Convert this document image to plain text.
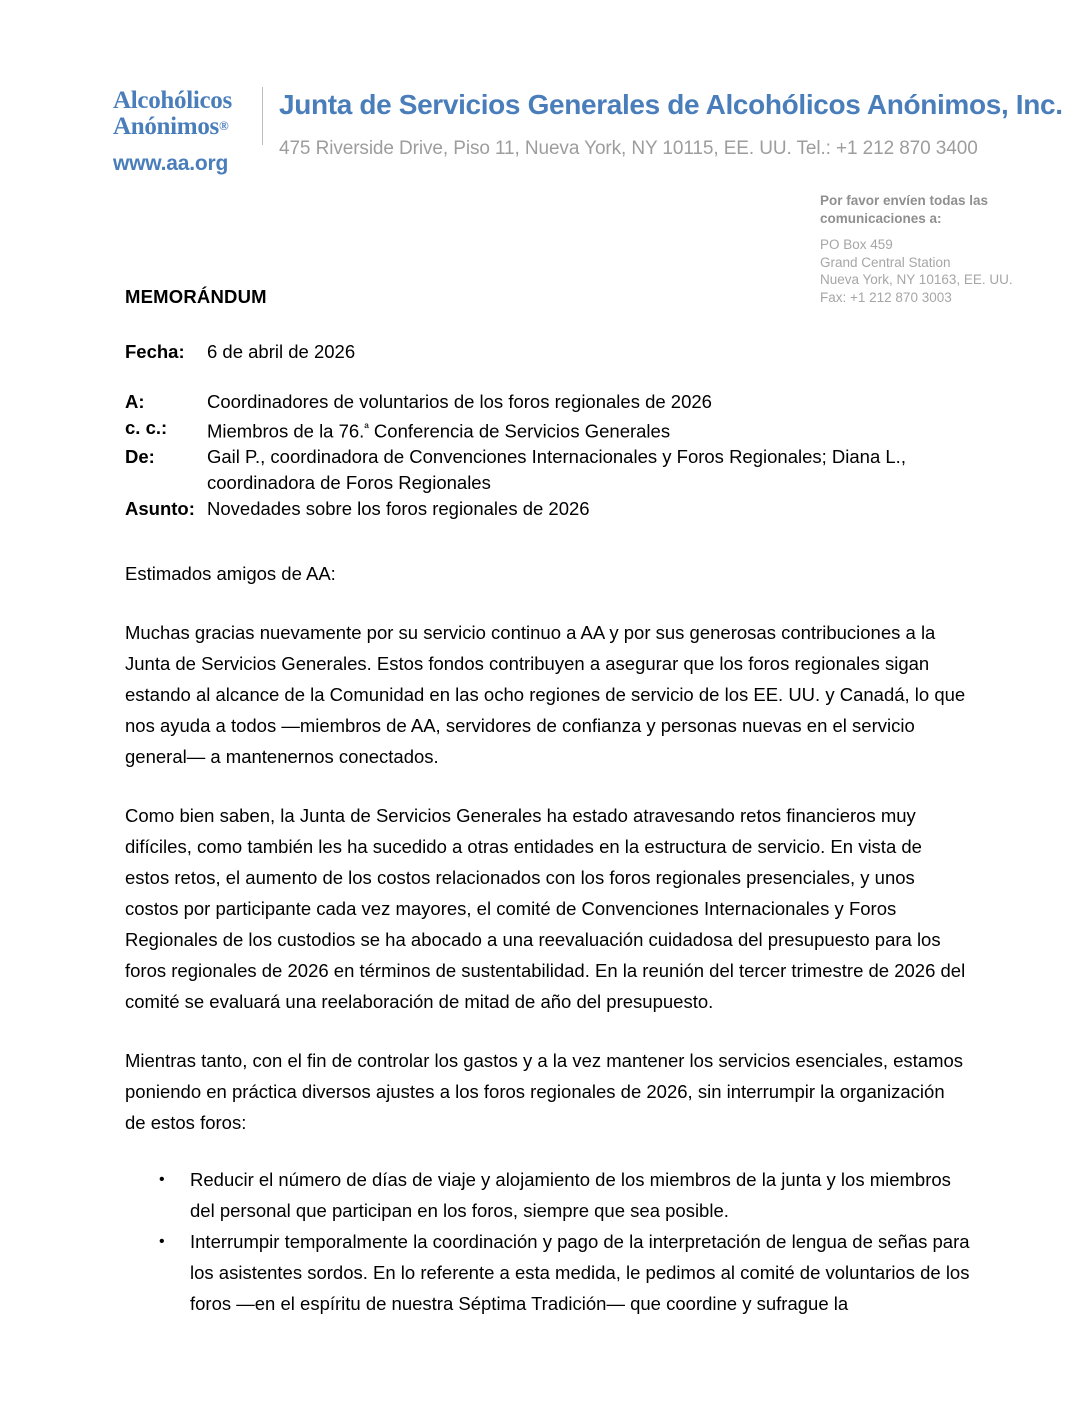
Alcohólicos
Anónimos®
www.aa.org
Junta de Servicios Generales de Alcohólicos Anónimos, Inc.
475 Riverside Drive, Piso 11, Nueva York, NY 10115, EE. UU. Tel.: +1 212 870 3400
Por favor envíen todas las
comunicaciones a:
PO Box 459
Grand Central Station
Nueva York, NY 10163, EE. UU.
Fax: +1 212 870 3003
MEMORÁNDUM
Fecha:	6 de abril de 2026
A:	Coordinadores de voluntarios de los foros regionales de 2026
c. c.:	Miembros de la 76.$^ª$ Conferencia de Servicios Generales
De:	Gail P., coordinadora de Convenciones Internacionales y Foros Regionales; Diana L., coordinadora de Foros Regionales
Asunto: Novedades sobre los foros regionales de 2026
Estimados amigos de AA:
Muchas gracias nuevamente por su servicio continuo a AA y por sus generosas contribuciones a la Junta de Servicios Generales. Estos fondos contribuyen a asegurar que los foros regionales sigan estando al alcance de la Comunidad en las ocho regiones de servicio de los EE. UU. y Canadá, lo que nos ayuda a todos —miembros de AA, servidores de confianza y personas nuevas en el servicio general— a mantenernos conectados.
Como bien saben, la Junta de Servicios Generales ha estado atravesando retos financieros muy difíciles, como también les ha sucedido a otras entidades en la estructura de servicio. En vista de estos retos, el aumento de los costos relacionados con los foros regionales presenciales, y unos costos por participante cada vez mayores, el comité de Convenciones Internacionales y Foros Regionales de los custodios se ha abocado a una reevaluación cuidadosa del presupuesto para los foros regionales de 2026 en términos de sustentabilidad. En la reunión del tercer trimestre de 2026 del comité se evaluará una reelaboración de mitad de año del presupuesto.
Mientras tanto, con el fin de controlar los gastos y a la vez mantener los servicios esenciales, estamos poniendo en práctica diversos ajustes a los foros regionales de 2026, sin interrumpir la organización de estos foros:
• Reducir el número de días de viaje y alojamiento de los miembros de la junta y los miembros del personal que participan en los foros, siempre que sea posible.
• Interrumpir temporalmente la coordinación y pago de la interpretación de lengua de señas para los asistentes sordos. En lo referente a esta medida, le pedimos al comité de voluntarios de los foros —en el espíritu de nuestra Séptima Tradición— que coordine y sufrague la
